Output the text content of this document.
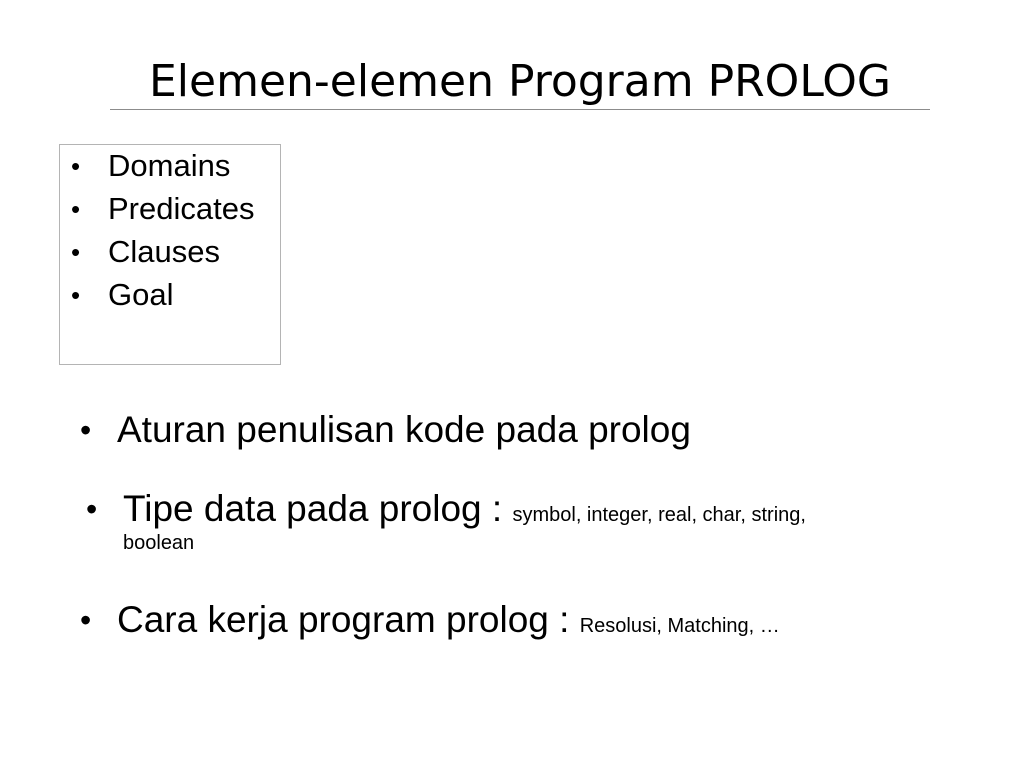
Elemen-elemen Program PROLOG
• Domains
• Predicates
• Clauses
• Goal
• Aturan penulisan kode pada prolog
• Tipe data pada prolog : symbol, integer, real, char, string,
boolean
• Cara kerja program prolog : Resolusi, Matching, …
